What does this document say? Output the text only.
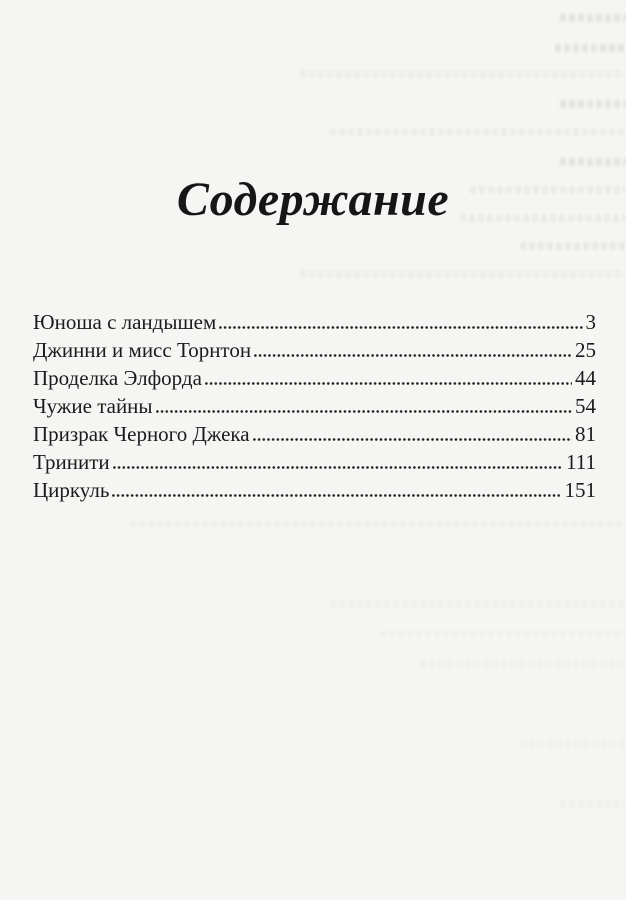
Содержание
Юноша с ландышем	3
Джинни и мисс Торнтон	25
Проделка Элфорда	44
Чужие тайны	54
Призрак Черного Джека	81
Тринити	111
Циркуль	151
